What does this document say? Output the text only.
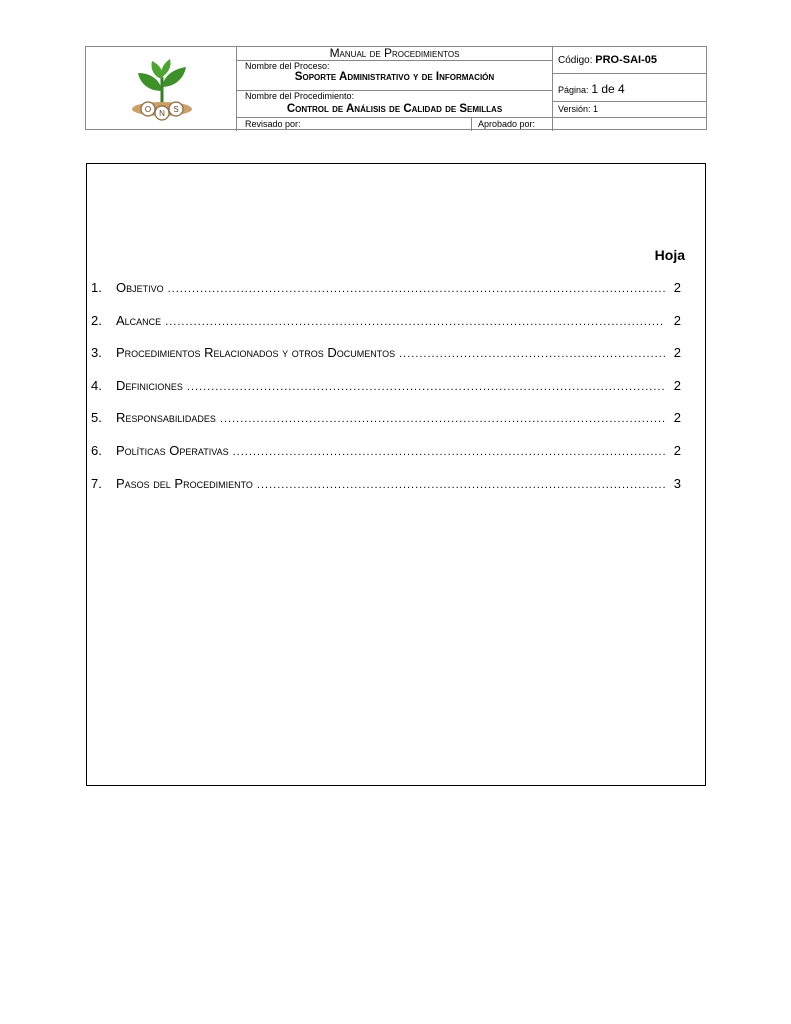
O N S
Manual de Procedimientos
Nombre del Proceso:
Soporte Administrativo y de Información
Nombre del Procedimiento:
Control de Análisis de Calidad de Semillas
Código: PRO-SAI-05
Página: 1 de 4
Versión: 1
Revisado por:	Aprobado por:
Hoja
1.	Objetivo .....	2
2.	Alcance .....	2
3.	Procedimientos Relacionados y otros Documentos .....	2
4.	Definiciones .....	2
5.	Responsabilidades .....	2
6.	Políticas Operativas .....	2
7.	Pasos del Procedimiento .....	3
